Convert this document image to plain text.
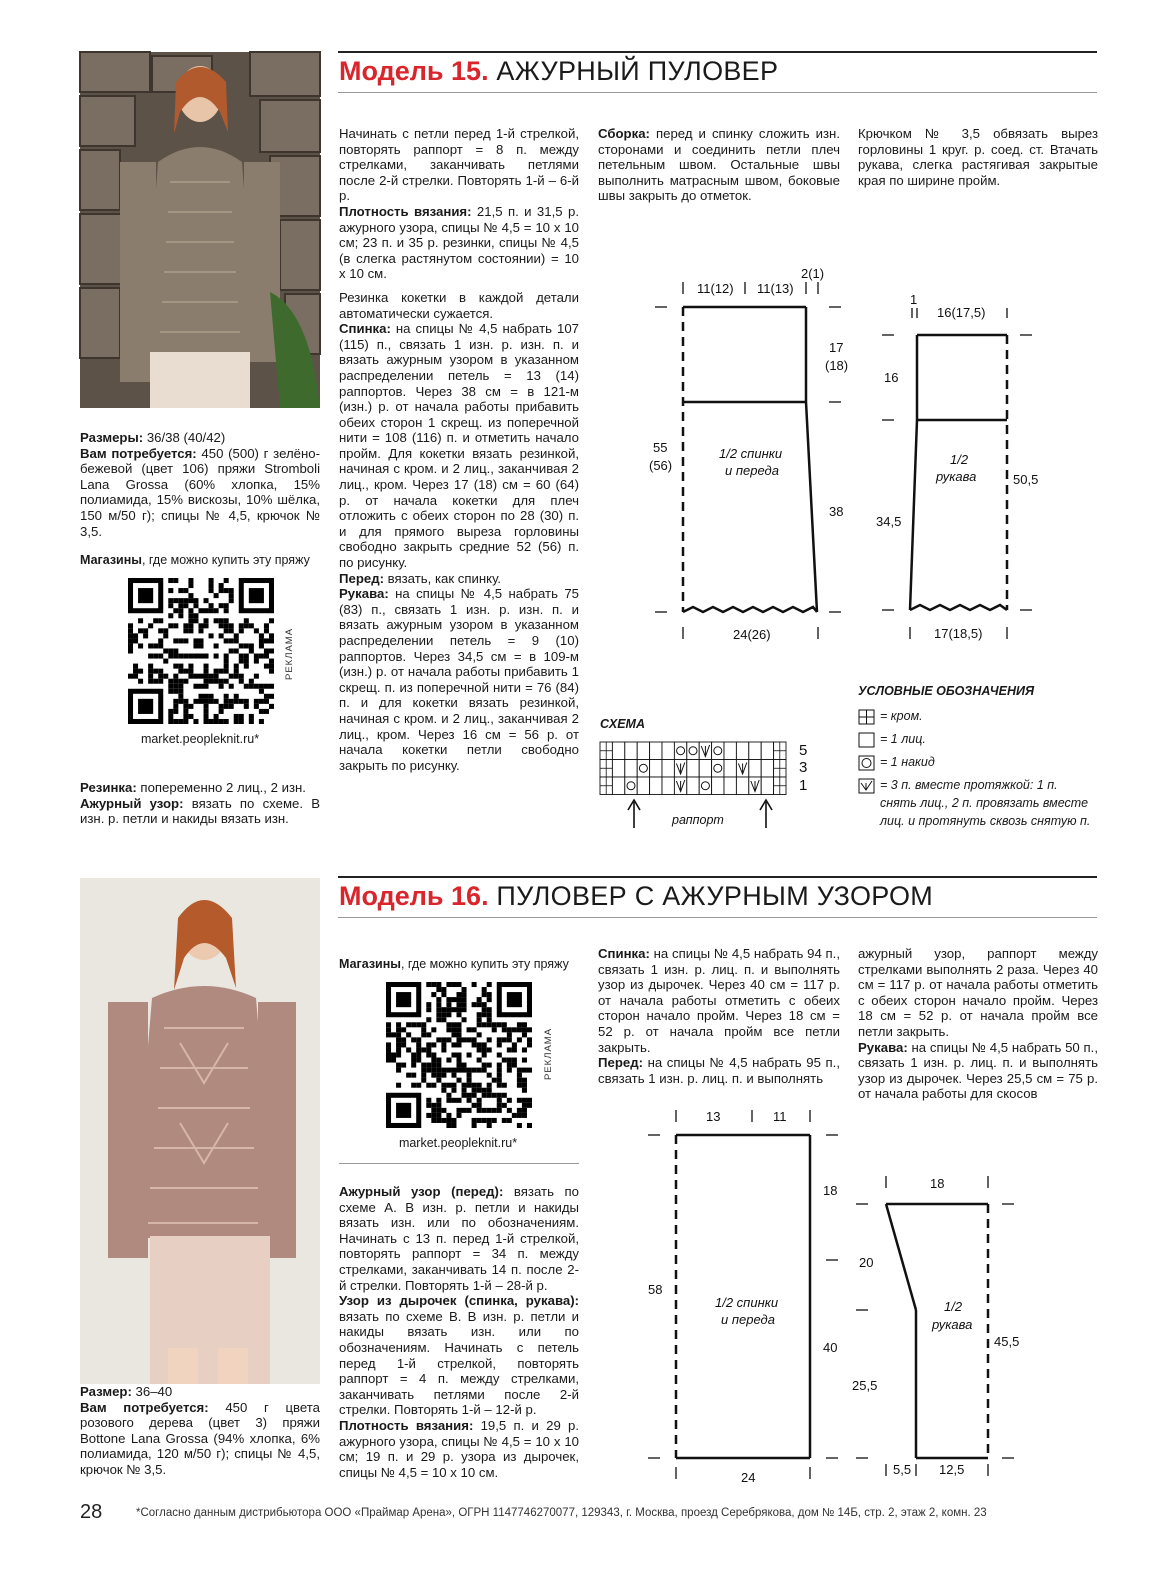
Размеры: 36/38 (40/42)
Вам потребуется: 450 (500) г зелёно-бежевой (цвет 106) пряжи Stromboli Lana Grossa (60% хлопка, 15% полиамида, 15% вискозы, 10% шёлка, 150 м/50 г); спицы № 4,5, крючок № 3,5.

Магазины, где можно купить эту пряжу
РЕКЛАМА
market.peopleknit.ru*

Резинка: попеременно 2 лиц., 2 изн.
Ажурный узор: вязать по схеме. В изн. р. петли и накиды вязать изн.

Модель 15. АЖУРНЫЙ ПУЛОВЕР

Начинать с петли перед 1-й стрелкой, повторять раппорт = 8 п. между стрелками, заканчивать петлями после 2-й стрелки. Повторять 1-й – 6-й р.

Плотность вязания: 21,5 п. и 31,5 р. ажурного узора, спицы № 4,5 = 10 x 10 см; 23 п. и 35 р. резинки, спицы № 4,5 (в слегка растянутом состоянии) = 10 x 10 см.

Резинка кокетки в каждой детали автоматически сужается.

Спинка: на спицы № 4,5 набрать 107 (115) п., связать 1 изн. р. изн. п. и вязать ажурным узором в указанном распределении петель = 13 (14) раппортов. Через 38 см = в 121-м (изн.) р. от начала работы прибавить обеих сторон 1 скрещ. из поперечной нити = 108 (116) п. и отметить начало пройм. Для кокетки вязать резинкой, начиная с кром. и 2 лиц., заканчивая 2 лиц., кром. Через 17 (18) см = 60 (64) р. от начала кокетки для плеч отложить с обеих сторон по 28 (30) п. и для прямого выреза горловины свободно закрыть средние 52 (56) п. по рисунку.

Перед: вязать, как спинку.

Рукава: на спицы № 4,5 набрать 75 (83) п., связать 1 изн. р. изн. п. и вязать ажурным узором в указанном распределении петель = 9 (10) раппортов. Через 34,5 см = в 109-м (изн.) р. от начала работы прибавить 1 скрещ. п. из поперечной нити = 76 (84) п. и для кокетки вязать резинкой, начиная с кром. и 2 лиц., заканчивая 2 лиц., кром. Через 16 см = 56 р. от начала кокетки петли свободно закрыть по рисунку.

Сборка: перед и спинку сложить изн. сторонами и соединить петли плеч петельным швом. Остальные швы выполнить матрасным швом, боковые швы закрыть до отметок.

Крючком № 3,5 обвязать вырез горловины 1 круг. р. соед. ст. Втачать рукава, слегка растягивая закрытые края по ширине пройм.

11(12) 11(13)
2(1)
17
(18)
55
(56)
38
24(26)
1/2 спинки
и переда
1
16(17,5)
16
34,5
50,5
17(18,5)
1/2
рукава
СХЕМА
раппорт
5
3
1
УСЛОВНЫЕ ОБОЗНАЧЕНИЯ
= кром.
= 1 лиц.
= 1 накид
= 3 п. вместе протяжкой: 1 п. снять лиц., 2 п. провязать вместе лиц. и протянуть сквозь снятую п.

Размер: 36–40
Вам потребуется: 450 г цвета розового дерева (цвет 3) пряжи Bottone Lana Grossa (94% хлопка, 6% полиамида, 120 м/50 г); спицы № 4,5, крючок № 3,5.

Модель 16. ПУЛОВЕР С АЖУРНЫМ УЗОРОМ
Магазины, где можно купить эту пряжу
РЕКЛАМА
market.peopleknit.ru*

Ажурный узор (перед): вязать по схеме А. В изн. р. петли и накиды вязать изн. или по обозначениям. Начинать с 13 п. перед 1-й стрелкой, повторять раппорт = 34 п. между стрелками, заканчивать 14 п. после 2-й стрелки. Повторять 1-й – 28-й р.

Узор из дырочек (спинка, рукава): вязать по схеме В. В изн. р. петли и накиды вязать изн. или по обозначениям. Начинать с петель перед 1-й стрелкой, повторять раппорт = 4 п. между стрелками, заканчивать петлями после 2-й стрелки. Повторять 1-й – 12-й р.

Плотность вязания: 19,5 п. и 29 р. ажурного узора, спицы № 4,5 = 10 x 10 см; 19 п. и 29 р. узора из дырочек, спицы № 4,5 = 10 x 10 см.

Спинка: на спицы № 4,5 набрать 94 п., связать 1 изн. р. лиц. п. и выполнять узор из дырочек. Через 40 см = 117 р. от начала работы отметить с обеих сторон начало пройм. Через 18 см = 52 р. от начала пройм все петли закрыть.

Перед: на спицы № 4,5 набрать 95 п., связать 1 изн. р. лиц. п. и выполнять

ажурный узор, раппорт между стрелками выполнять 2 раза. Через 40 см = 117 р. от начала работы отметить с обеих сторон начало пройм. Через 18 см = 52 р. от начала пройм все петли закрыть.

Рукава: на спицы № 4,5 набрать 50 п., связать 1 изн. р. лиц. п. и выполнять узор из дырочек. Через 25,5 см = 75 р. от начала работы для скосов

13	11
18
58
40
24
1/2 спинки
и переда
18
20
25,5
45,5
5,5 12,5
1/2
рукава
28	*Согласно данным дистрибьютора ООО «Праймар Арена», ОГРН 1147746270077, 129343, г. Москва, проезд Серебрякова, дом № 14Б, стр. 2, этаж 2, комн. 23
